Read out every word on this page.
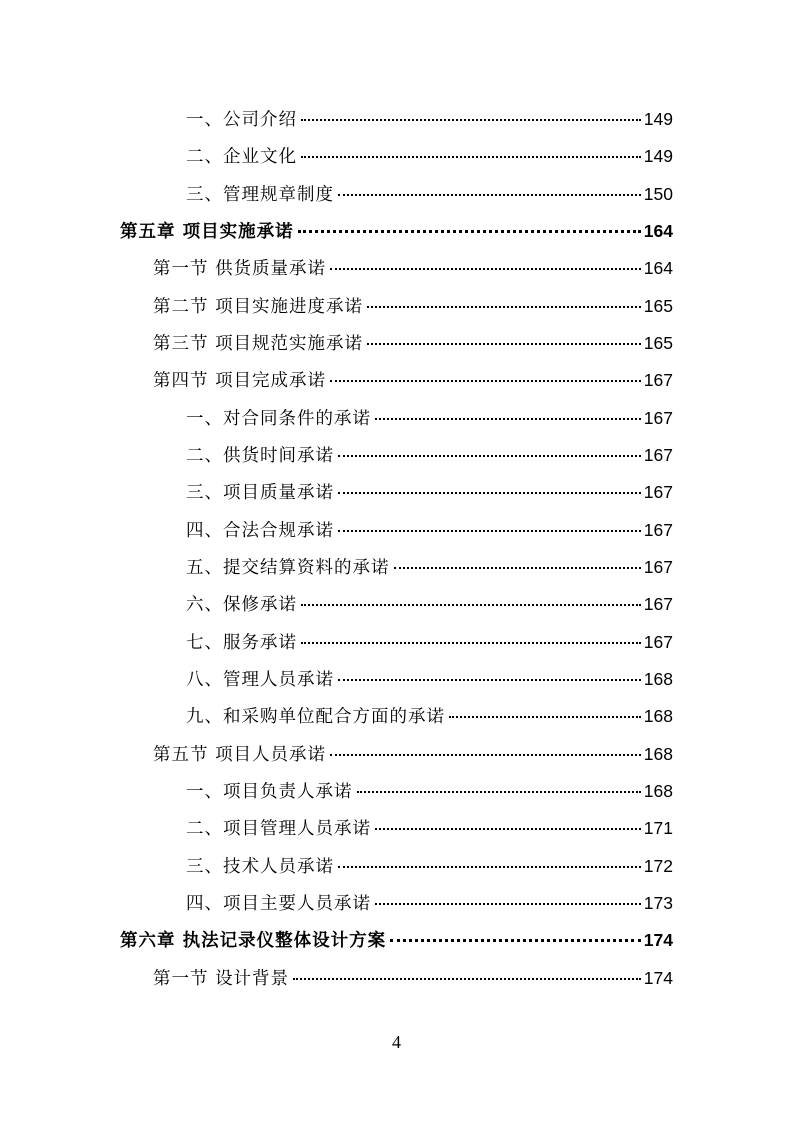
一、公司介绍	149
二、企业文化	149
三、管理规章制度	150
第五章 项目实施承诺	164
第一节 供货质量承诺	164
第二节 项目实施进度承诺	165
第三节 项目规范实施承诺	165
第四节 项目完成承诺	167
一、对合同条件的承诺	167
二、供货时间承诺	167
三、项目质量承诺	167
四、合法合规承诺	167
五、提交结算资料的承诺	167
六、保修承诺	167
七、服务承诺	167
八、管理人员承诺	168
九、和采购单位配合方面的承诺	168
第五节 项目人员承诺	168
一、项目负责人承诺	168
二、项目管理人员承诺	171
三、技术人员承诺	172
四、项目主要人员承诺	173
第六章 执法记录仪整体设计方案	174
第一节 设计背景	174
4
